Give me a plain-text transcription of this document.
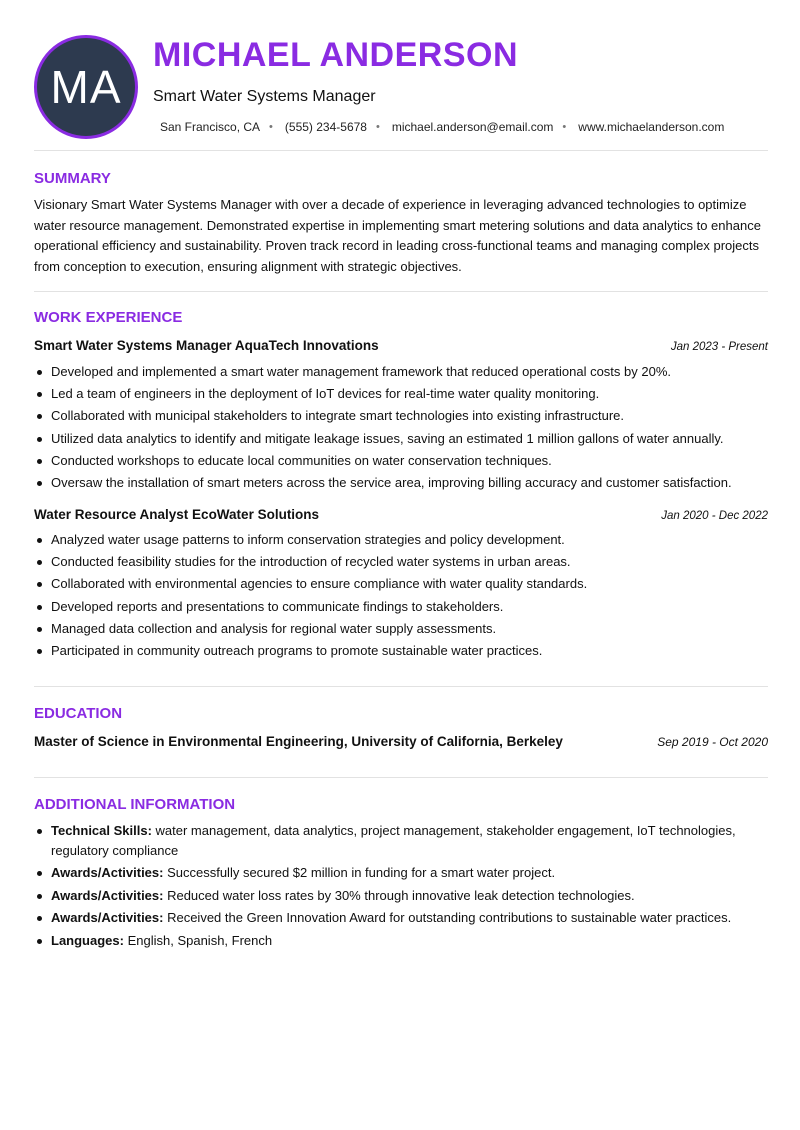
MA
MICHAEL ANDERSON
Smart Water Systems Manager
San Francisco, CA • (555) 234-5678 • michael.anderson@email.com • www.michaelanderson.com
SUMMARY
Visionary Smart Water Systems Manager with over a decade of experience in leveraging advanced technologies to optimize water resource management. Demonstrated expertise in implementing smart metering solutions and data analytics to enhance operational efficiency and sustainability. Proven track record in leading cross-functional teams and managing complex projects from conception to execution, ensuring alignment with strategic objectives.
WORK EXPERIENCE
Smart Water Systems Manager AquaTech Innovations	Jan 2023 - Present
Developed and implemented a smart water management framework that reduced operational costs by 20%.
Led a team of engineers in the deployment of IoT devices for real-time water quality monitoring.
Collaborated with municipal stakeholders to integrate smart technologies into existing infrastructure.
Utilized data analytics to identify and mitigate leakage issues, saving an estimated 1 million gallons of water annually.
Conducted workshops to educate local communities on water conservation techniques.
Oversaw the installation of smart meters across the service area, improving billing accuracy and customer satisfaction.
Water Resource Analyst EcoWater Solutions	Jan 2020 - Dec 2022
Analyzed water usage patterns to inform conservation strategies and policy development.
Conducted feasibility studies for the introduction of recycled water systems in urban areas.
Collaborated with environmental agencies to ensure compliance with water quality standards.
Developed reports and presentations to communicate findings to stakeholders.
Managed data collection and analysis for regional water supply assessments.
Participated in community outreach programs to promote sustainable water practices.
EDUCATION
Master of Science in Environmental Engineering, University of California, Berkeley	Sep 2019 - Oct 2020
ADDITIONAL INFORMATION
Technical Skills: water management, data analytics, project management, stakeholder engagement, IoT technologies, regulatory compliance
Awards/Activities: Successfully secured $2 million in funding for a smart water project.
Awards/Activities: Reduced water loss rates by 30% through innovative leak detection technologies.
Awards/Activities: Received the Green Innovation Award for outstanding contributions to sustainable water practices.
Languages: English, Spanish, French
